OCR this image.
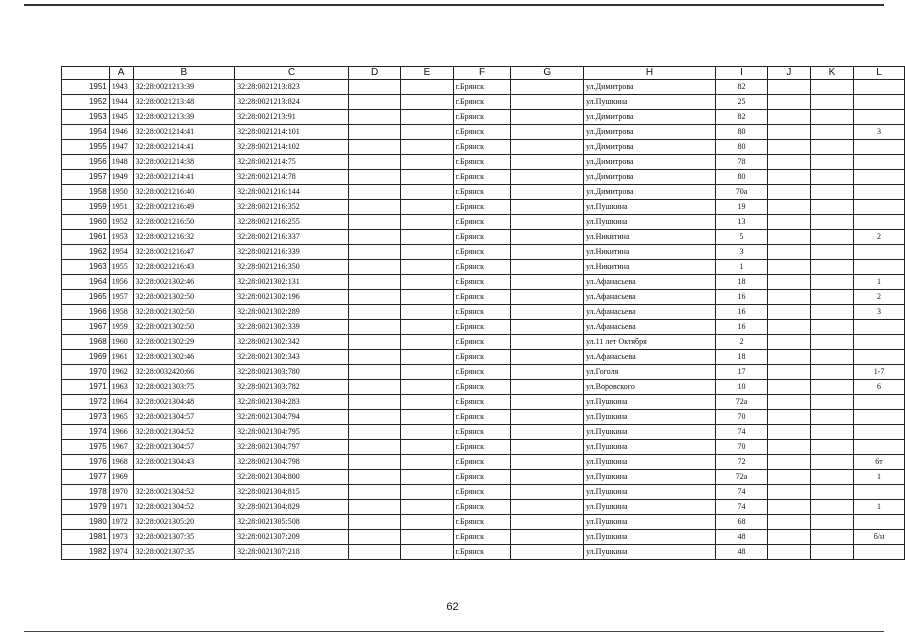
	A	B	C	D	E	F	G	H	I	J	K	L
1951	1943	32:28:0021213:39	32:28:0021213:823			г.Брянск		ул.Димитрова	82			
1952	1944	32:28:0021213:48	32:28:0021213:824			г.Брянск		ул.Пушкина	25			
1953	1945	32:28:0021213:39	32:28:0021213:91			г.Брянск		ул.Димитрова	82			
1954	1946	32:28:0021214:41	32:28:0021214:101			г.Брянск		ул.Димитрова	80			3
1955	1947	32:28:0021214:41	32:28:0021214:102			г.Брянск		ул.Димитрова	80			
1956	1948	32:28:0021214:38	32:28:0021214:75			г.Брянск		ул.Димитрова	78			
1957	1949	32:28:0021214:41	32:28:0021214:78			г.Брянск		ул.Димитрова	80			
1958	1950	32:28:0021216:40	32:28:0021216:144			г.Брянск		ул.Димитрова	70а			
1959	1951	32:28:0021216:49	32:28:0021216:352			г.Брянск		ул.Пушкина	19			
1960	1952	32:28:0021216:50	32:28:0021216:255			г.Брянск		ул.Пушкина	13			
1961	1953	32:28:0021216:32	32:28:0021216:337			г.Брянск		ул.Никитина	5			2
1962	1954	32:28:0021216:47	32:28:0021216:339			г.Брянск		ул.Никитина	3			
1963	1955	32:28:0021216:43	32:28:0021216:350			г.Брянск		ул.Никитина	1			
1964	1956	32:28:0021302:46	32:28:0021302:131			г.Брянск		ул.Афанасьева	18			1
1965	1957	32:28:0021302:50	32:28:0021302:196			г.Брянск		ул.Афанасьева	16			2
1966	1958	32:28:0021302:50	32:28:0021302:289			г.Брянск		ул.Афанасьева	16			3
1967	1959	32:28:0021302:50	32:28:0021302:339			г.Брянск		ул.Афанасьева	16			
1968	1960	32:28:0021302:29	32:28:0021302:342			г.Брянск		ул.11 лет Октября	2			
1969	1961	32:28:0021302:46	32:28:0021302:343			г.Брянск		ул.Афанасьева	18			
1970	1962	32:28:0032420:66	32:28:0021303:780			г.Брянск		ул.Гоголя	17			1-7
1971	1963	32:28:0021303:75	32:28:0021303:782			г.Брянск		ул.Воровского	10			6
1972	1964	32:28:0021304:48	32:28:0021304:283			г.Брянск		ул.Пушкина	72а			
1973	1965	32:28:0021304:57	32:28:0021304:794			г.Брянск		ул.Пушкина	70			
1974	1966	32:28:0021304:52	32:28:0021304:795			г.Брянск		ул.Пушкина	74			
1975	1967	32:28:0021304:57	32:28:0021304:797			г.Брянск		ул.Пушкина	70			
1976	1968	32:28:0021304:43	32:28:0021304:798			г.Брянск		ул.Пушкина	72			6т
1977	1969		32:28:0021304:800			г.Брянск		ул.Пушкина	72а			1
1978	1970	32:28:0021304:52	32:28:0021304:815			г.Брянск		ул.Пушкина	74			
1979	1971	32:28:0021304:52	32:28:0021304:829			г.Брянск		ул.Пушкина	74			1
1980	1972	32:28:0021305:20	32:28:0021305:508			г.Брянск		ул.Пушкина	68			
1981	1973	32:28:0021307:35	32:28:0021307:209			г.Брянск		ул.Пушкина	48			б/н
1982	1974	32:28:0021307:35	32:28:0021307:218			г.Брянск		ул.Пушкина	48			
62
